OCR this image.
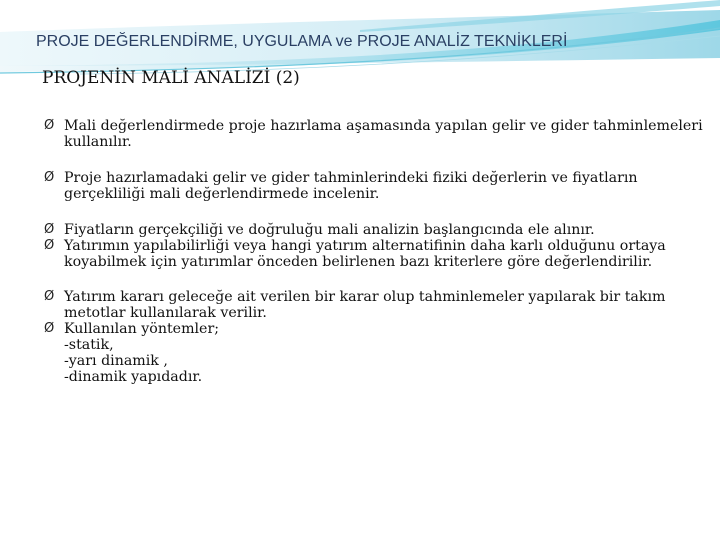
PROJE DEĞERLENDİRME, UYGULAMA ve PROJE ANALİZ TEKNİKLERİ
PROJENİN MALİ ANALİZİ (2)
Ø Mali değerlendirmede proje hazırlama aşamasında yapılan gelir ve gider tahminlemeleri kullanılır.
Ø Proje hazırlamadaki gelir ve gider tahminlerindeki fiziki değerlerin ve fiyatların gerçekliliği mali değerlendirmede incelenir.
Ø Fiyatların gerçekçiliği ve doğruluğu mali analizin başlangıcında ele alınır.
Ø Yatırımın yapılabilirliği veya hangi yatırım alternatifinin daha karlı olduğunu ortaya koyabilmek için yatırımlar önceden belirlenen bazı kriterlere göre değerlendirilir.
Ø Yatırım kararı geleceğe ait verilen bir karar olup tahminlemeler yapılarak bir takım metotlar kullanılarak verilir.
Ø Kullanılan yöntemler;
-statik,
-yarı dinamik ,
-dinamik yapıdadır.
